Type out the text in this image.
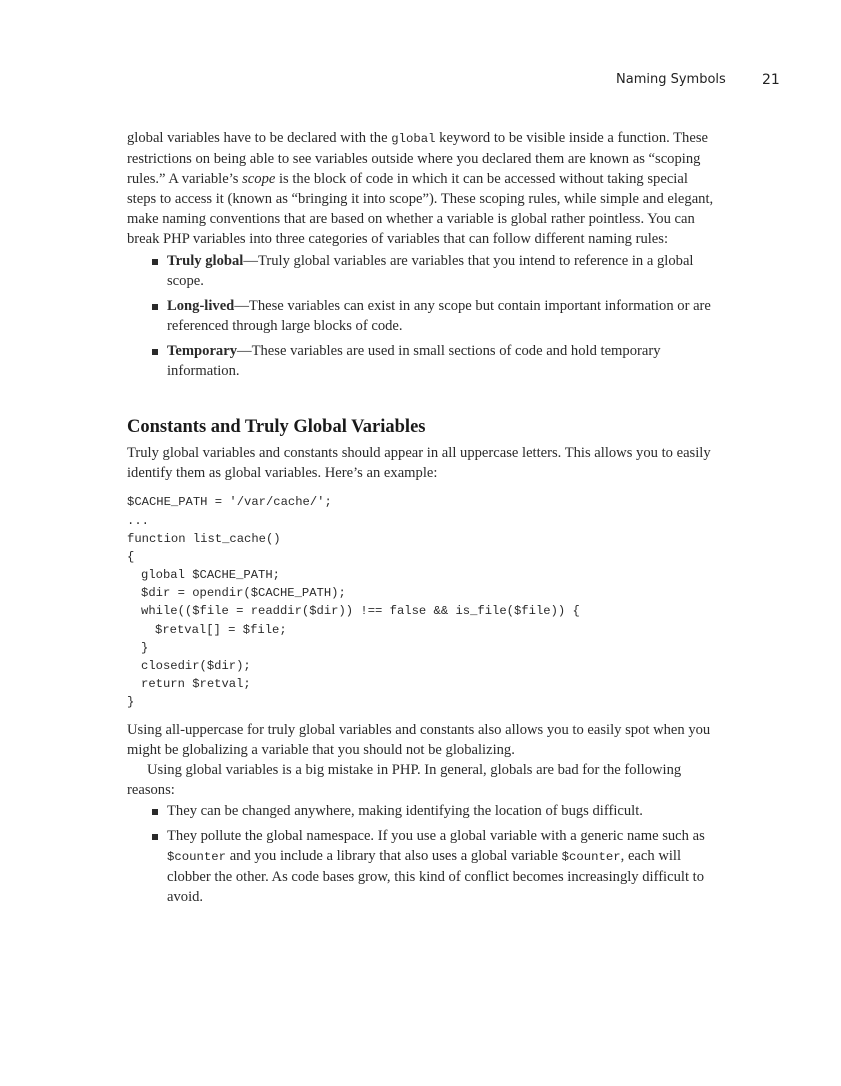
Naming Symbols	21

global variables have to be declared with the global keyword to be visible inside a function. These restrictions on being able to see variables outside where you declared them are known as “scoping rules.” A variable’s scope is the block of code in which it can be accessed without taking special steps to access it (known as “bringing it into scope”). These scoping rules, while simple and elegant, make naming conventions that are based on whether a variable is global rather pointless. You can break PHP variables into three categories of variables that can follow different naming rules:

Truly global—Truly global variables are variables that you intend to reference in a global scope.
Long-lived—These variables can exist in any scope but contain important information or are referenced through large blocks of code.
Temporary—These variables are used in small sections of code and hold temporary information.
Constants and Truly Global Variables

Truly global variables and constants should appear in all uppercase letters. This allows you to easily identify them as global variables. Here’s an example:

$CACHE_PATH = '/var/cache/';
...
function list_cache()
{
global $CACHE_PATH;
$dir = opendir($CACHE_PATH);
while(($file = readdir($dir)) !== false && is_file($file)) {
$retval[] = $file;
}
closedir($dir);
return $retval;
}

Using all-uppercase for truly global variables and constants also allows you to easily spot when you might be globalizing a variable that you should not be globalizing.

Using global variables is a big mistake in PHP. In general, globals are bad for the following reasons:

They can be changed anywhere, making identifying the location of bugs difficult.
They pollute the global namespace. If you use a global variable with a generic name such as $counter and you include a library that also uses a global variable $counter, each will clobber the other. As code bases grow, this kind of conflict becomes increasingly difficult to avoid.
